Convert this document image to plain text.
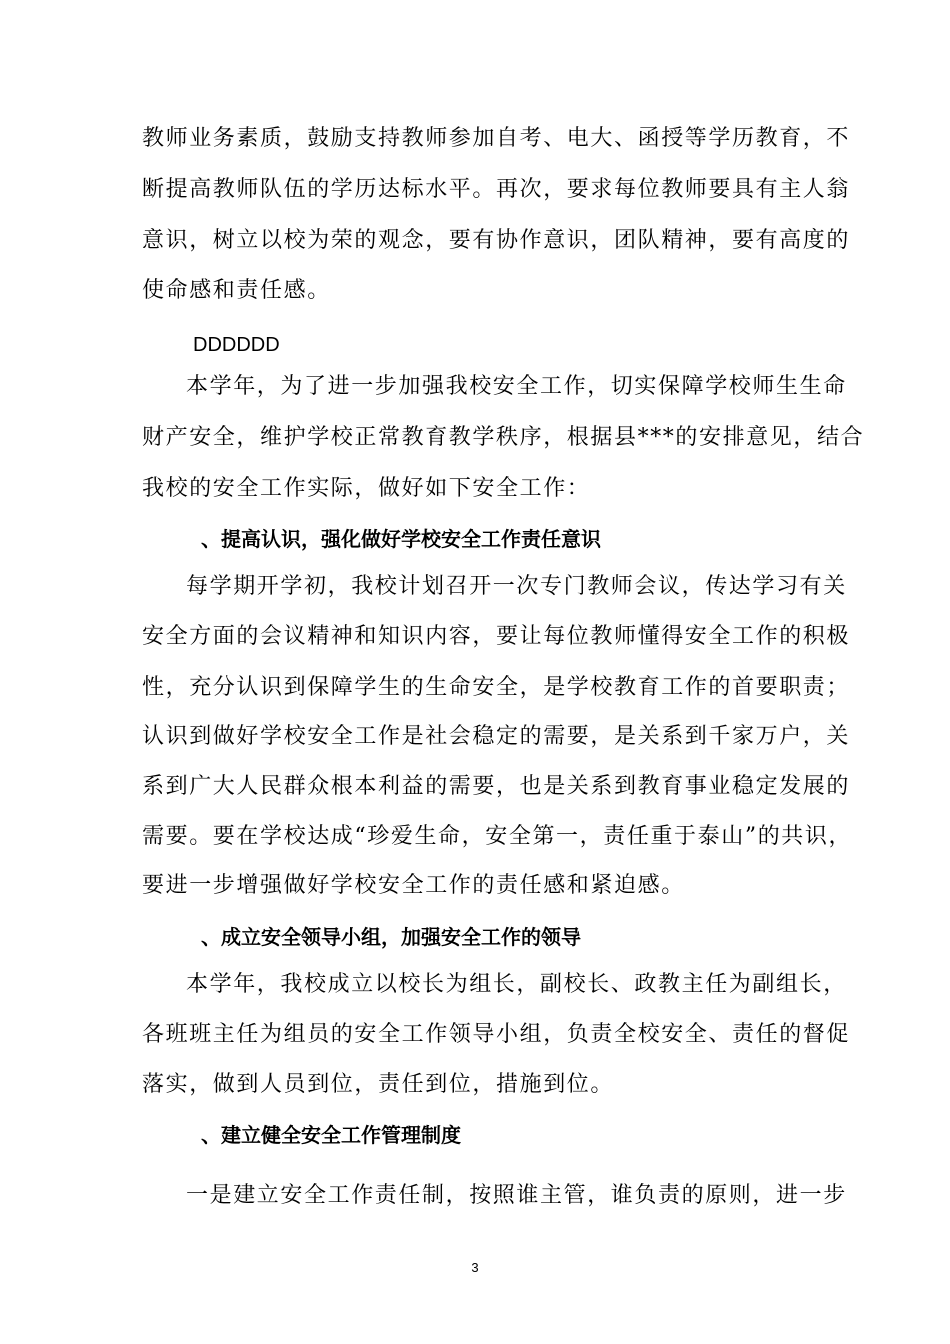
教师业务素质，鼓励支持教师参加自考、电大、函授等学历教育，不
断提高教师队伍的学历达标水平。再次，要求每位教师要具有主人翁
意识，树立以校为荣的观念，要有协作意识，团队精神，要有高度的
使命感和责任感。
DDDDDD
本学年，为了进一步加强我校安全工作，切实保障学校师生生命
财产安全，维护学校正常教育教学秩序，根据县***的安排意见，结合
我校的安全工作实际，做好如下安全工作：
、提高认识，强化做好学校安全工作责任意识
每学期开学初，我校计划召开一次专门教师会议，传达学习有关
安全方面的会议精神和知识内容，要让每位教师懂得安全工作的积极
性，充分认识到保障学生的生命安全，是学校教育工作的首要职责；
认识到做好学校安全工作是社会稳定的需要，是关系到千家万户，关
系到广大人民群众根本利益的需要，也是关系到教育事业稳定发展的
需要。要在学校达成“珍爱生命，安全第一，责任重于泰山”的共识，
要进一步增强做好学校安全工作的责任感和紧迫感。
、成立安全领导小组，加强安全工作的领导
本学年，我校成立以校长为组长，副校长、政教主任为副组长，
各班班主任为组员的安全工作领导小组，负责全校安全、责任的督促
落实，做到人员到位，责任到位，措施到位。
、建立健全安全工作管理制度
一是建立安全工作责任制，按照谁主管，谁负责的原则，进一步
3
